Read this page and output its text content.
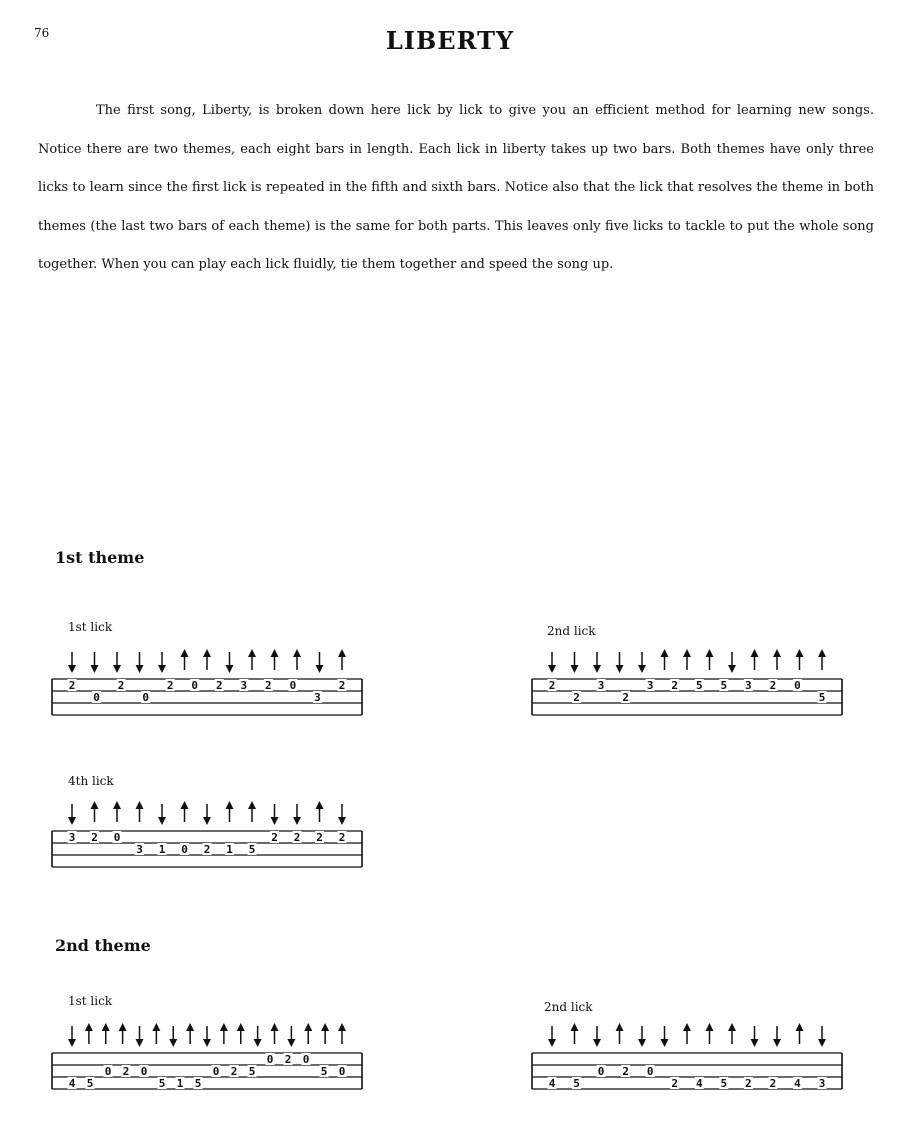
76	LIBERTY

The first song, Liberty, is broken down here lick by lick to give you an efficient method for learning new songs. Notice there are two themes, each eight bars in length. Each lick in liberty takes up two bars. Both themes have only three licks to learn since the first lick is repeated in the fifth and sixth bars. Notice also that the lick that resolves the theme in both themes (the last two bars of each theme) is the same for both parts. This leaves only five licks to tackle to put the whole song together. When you can play each lick fluidly, tie them together and speed the song up.

1st theme
1st lick
2
0
2
0
2 0 2 3 2 0
3
2
2nd lick
2
2
3
2
3 2 5 5 3 2 0
5
4th lick
3 2 0
3 1 0 2 1 5
2 2 2 2
2nd theme
1st lick
4 5
0 2 0
5 1 5
0 2 5
0 2 0
5 0
2nd lick
4 5
0 2 0
2 4 5 2 2 4 3
